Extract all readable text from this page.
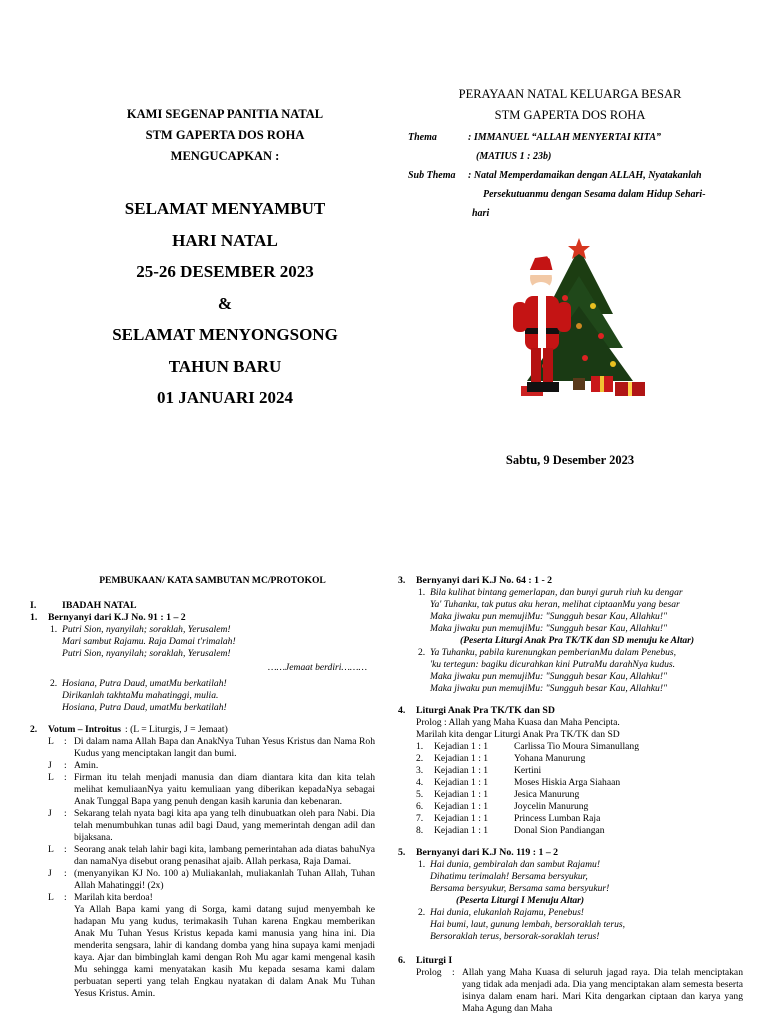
KAMI SEGENAP PANITIA NATAL
STM GAPERTA DOS ROHA
MENGUCAPKAN :
SELAMAT MENYAMBUT
HARI NATAL
25-26 DESEMBER 2023
&
SELAMAT MENYONGSONG
TAHUN BARU
01 JANUARI 2024
PERAYAAN NATAL KELUARGA BESAR
STM GAPERTA DOS ROHA
Thema	: IMMANUEL “ALLAH MENYERTAI KITA”
(MATIUS 1 : 23b)
Sub Thema : Natal Memperdamaikan dengan ALLAH, Nyatakanlah
Persekutuanmu dengan Sesama dalam Hidup Sehari-
hari
Sabtu, 9 Desember 2023
PEMBUKAAN/ KATA SAMBUTAN MC/PROTOKOL
I.	IBADAH NATAL
1.	Bernyanyi dari K.J No. 91 : 1 – 2
1. Putri Sion, nyanyilah; soraklah, Yerusalem!
Mari sambut Rajamu. Raja Damai t'rimalah!
Putri Sion, nyanyilah; soraklah, Yerusalem!
……Jemaat berdiri………
2. Hosiana, Putra Daud, umatMu berkatilah!
Dirikanlah takhtaMu mahatinggi, mulia.
Hosiana, Putra Daud, umatMu berkatilah!
2.	Votum – Introitus : (L = Liturgis, J = Jemaat)
L	: Di dalam nama Allah Bapa dan AnakNya Tuhan Yesus Kristus dan Nama Roh Kudus yang menciptakan langit dan bumi.
J	: Amin.
L	: Firman itu telah menjadi manusia dan diam diantara kita dan kita telah melihat kemuliaanNya yaitu kemuliaan yang diberikan kepadaNya sebagai Anak Tunggal Bapa yang penuh dengan kasih karunia dan kebenaran.
J	: Sekarang telah nyata bagi kita apa yang telh dinubuatkan oleh para Nabi. Dia telah menumbuhkan tunas adil bagi Daud, yang memerintah dengan adil dan bijaksana.
L	: Seorang anak telah lahir bagi kita, lambang pemerintahan ada diatas bahuNya dan namaNya disebut orang penasihat ajaib. Allah perkasa, Raja Damai.
J	: (menyanyikan KJ No. 100 a) Muliakanlah, muliakanlah Tuhan Allah, Tuhan Allah Mahatinggi! (2x)
L	: Marilah kita berdoa!
Ya Allah Bapa kami yang di Sorga, kami datang sujud menyembah ke hadapan Mu yang kudus, terimakasih Tuhan karena Engkau memberikan Anak Mu Tuhan Yesus Kristus kepada kami manusia yang hina ini. Dia menderita sengsara, lahir di kandang domba yang hina supaya kami menjadi kaya. Ajar dan bimbinglah kami dengan Roh Mu agar kami mengenal kasih Mu sehingga kami menyatakan kasih Mu kepada sesama kami dalam perbuatan seperti yang telah Engkau nyatakan di dalam Anak Mu Tuhan Yesus Kristus. Amin.
3.	Bernyanyi dari K.J No. 64 : 1 - 2
1. Bila kulihat bintang gemerlapan, dan bunyi guruh riuh ku dengar
Ya' Tuhanku, tak putus aku heran, melihat ciptaanMu yang besar
Maka jiwaku pun memujiMu: "Sungguh besar Kau, Allahku!"
Maka jiwaku pun memujiMu: "Sungguh besar Kau, Allahku!"
(Peserta Liturgi Anak Pra TK/TK dan SD menuju ke Altar)
2. Ya Tuhanku, pabila kurenungkan pemberianMu dalam Penebus,
'ku tertegun: bagiku dicurahkan kini PutraMu darahNya kudus.
Maka jiwaku pun memujiMu: "Sungguh besar Kau, Allahku!"
Maka jiwaku pun memujiMu: "Sungguh besar Kau, Allahku!"
4.	Liturgi Anak Pra TK/TK dan SD
Prolog : Allah yang Maha Kuasa dan Maha Pencipta.
Marilah kita dengar Liturgi Anak Pra TK/TK dan SD
1.	Kejadian 1 : 1	Carlissa Tio Moura Simanullang
2.	Kejadian 1 : 1	Yohana Manurung
3.	Kejadian 1 : 1	Kertini
4.	Kejadian 1 : 1	Moses Hiskia Arga Siahaan
5.	Kejadian 1 : 1	Jesica Manurung
6.	Kejadian 1 : 1	Joycelin Manurung
7.	Kejadian 1 : 1	Princess Lumban Raja
8.	Kejadian 1 : 1	Donal Sion Pandiangan
5.	Bernyanyi dari K.J No. 119 : 1 – 2
1. Hai dunia, gembiralah dan sambut Rajamu!
Dihatimu terimalah! Bersama bersyukur,
Bersama bersyukur, Bersama sama bersyukur!
(Peserta Liturgi I Menuju Altar)
2. Hai dunia, elukanlah Rajamu, Penebus!
Hai bumi, laut, gunung lembah, bersoraklah terus,
Bersoraklah terus, bersorak-soraklah terus!
6.	Liturgi I
Prolog	: Allah yang Maha Kuasa di seluruh jagad raya. Dia telah menciptakan yang tidak ada menjadi ada. Dia yang menciptakan alam semesta beserta isinya dalam enam hari. Mari Kita dengarkan ciptaan dan karya yang Maha Agung dan Maha
